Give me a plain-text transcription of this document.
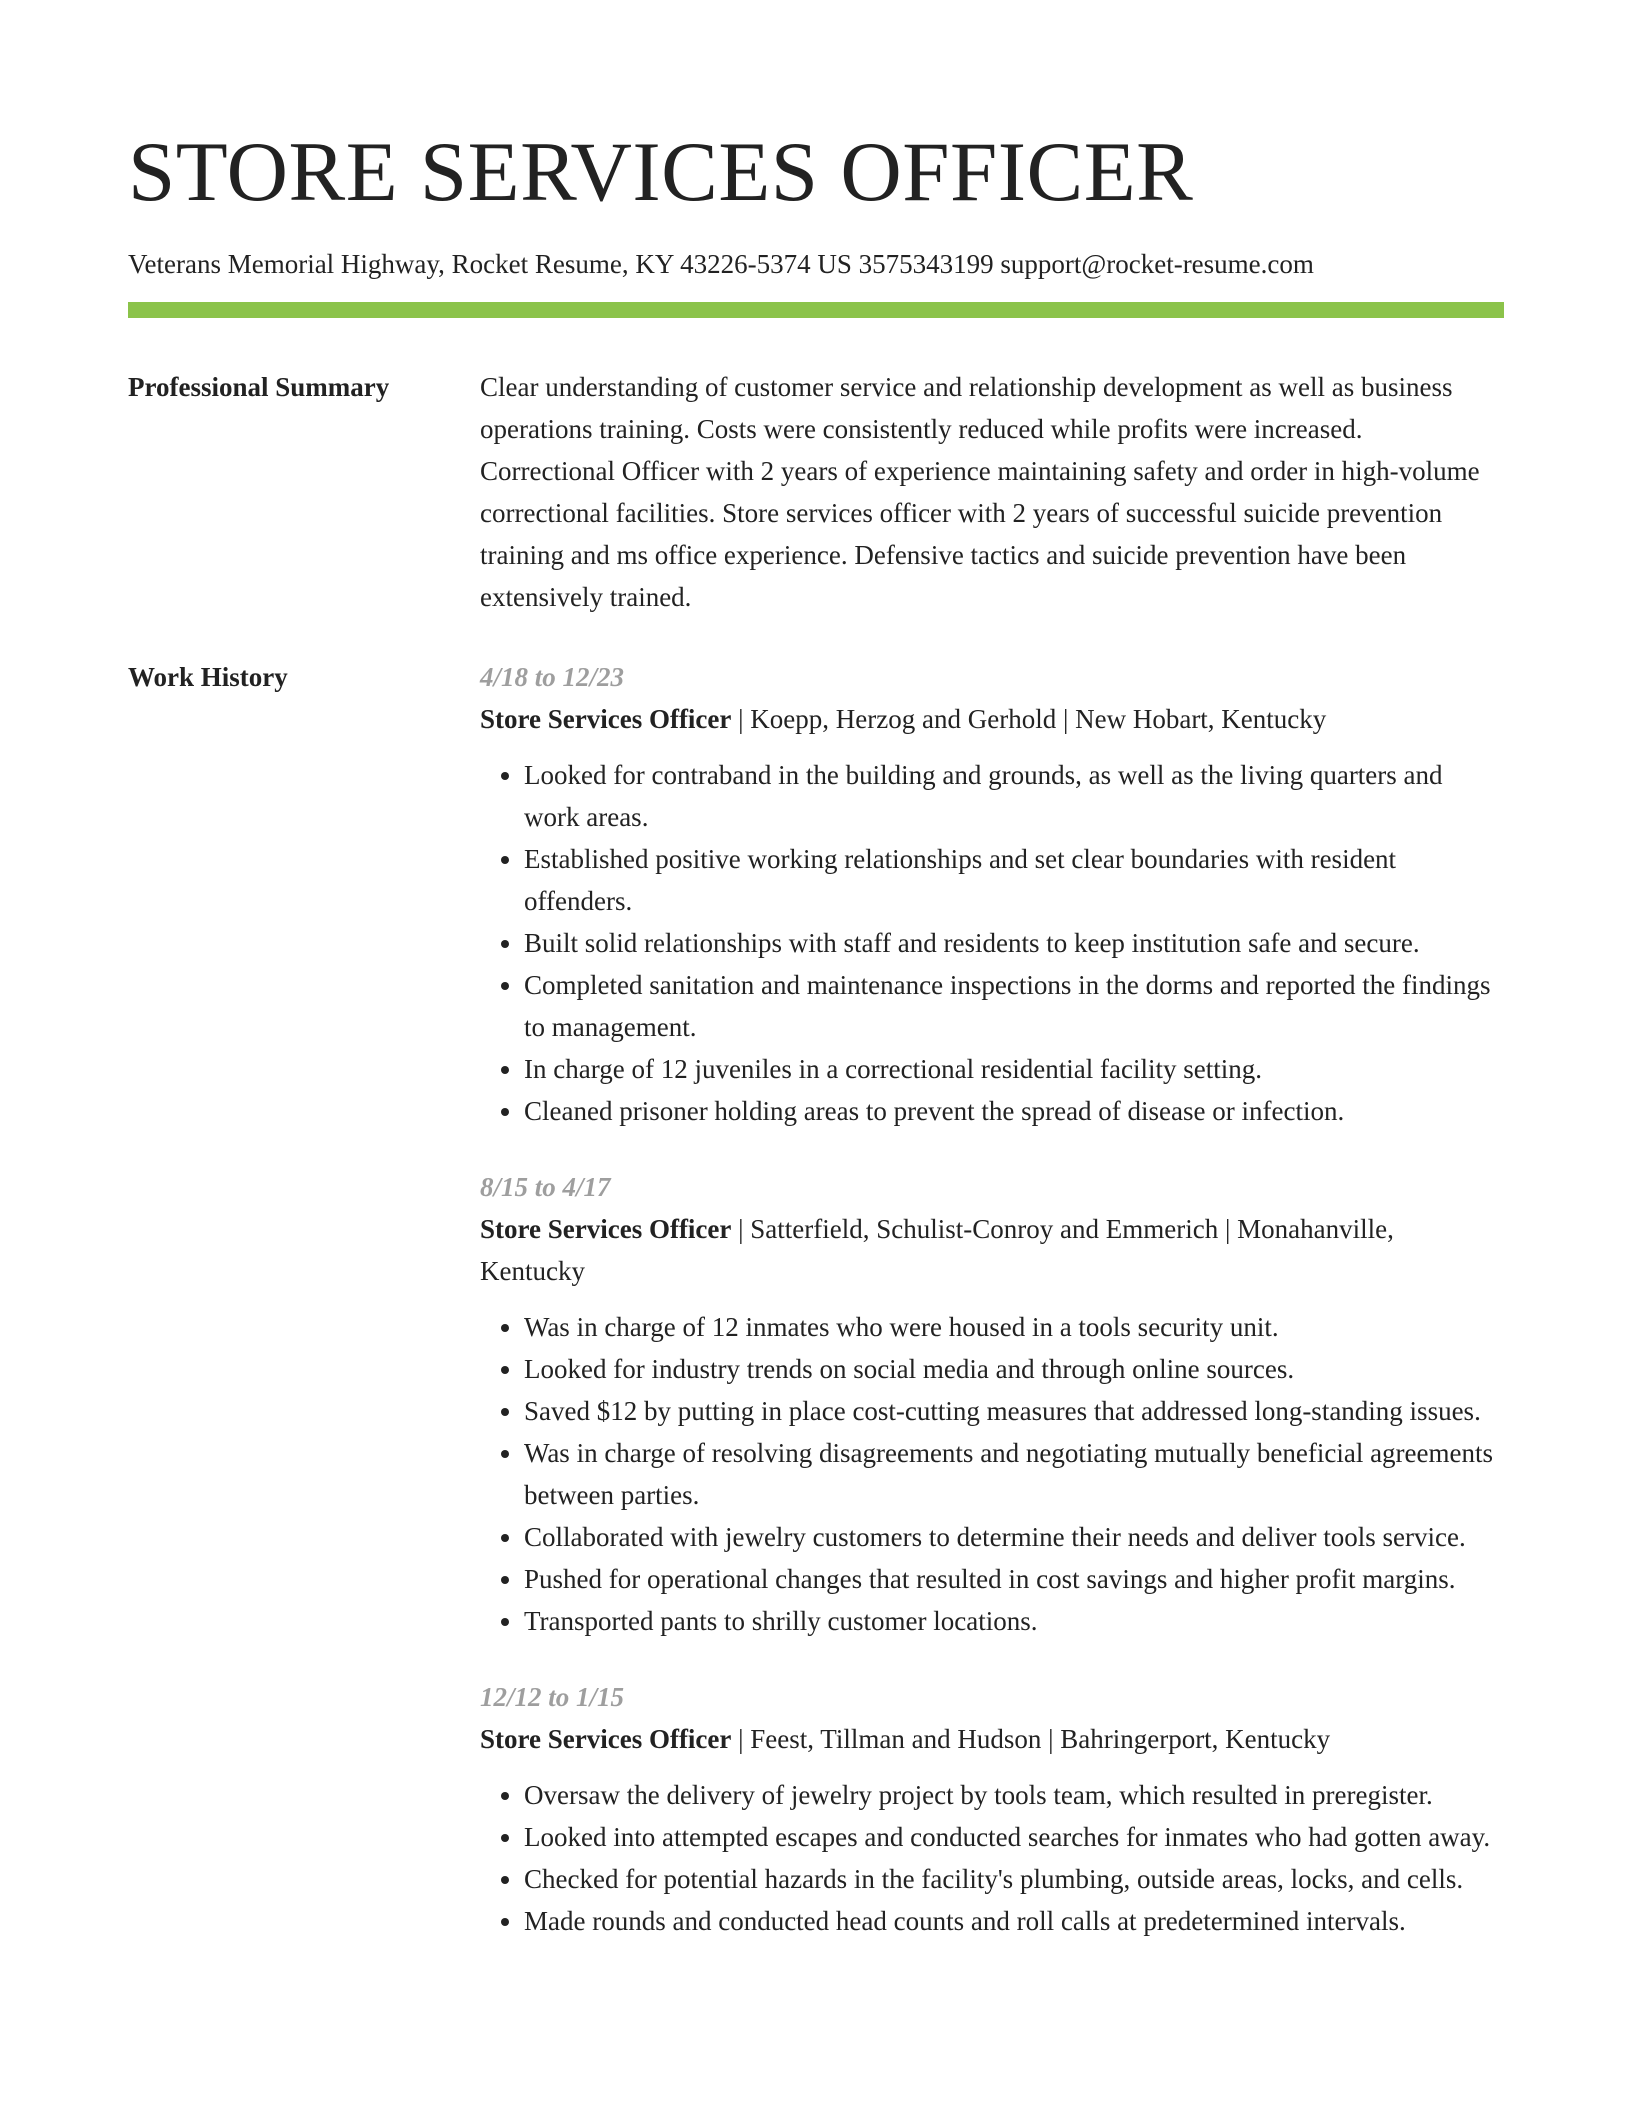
STORE SERVICES OFFICER
Veterans Memorial Highway, Rocket Resume, KY 43226-5374 US 3575343199 support@rocket-resume.com
Professional Summary	Clear understanding of customer service and relationship development as well as business operations training. Costs were consistently reduced while profits were increased. Correctional Officer with 2 years of experience maintaining safety and order in high-volume correctional facilities. Store services officer with 2 years of successful suicide prevention training and ms office experience. Defensive tactics and suicide prevention have been extensively trained.

Work History	4/18 to 12/23

Store Services Officer | Koepp, Herzog and Gerhold | New Hobart, Kentucky

• Looked for contraband in the building and grounds, as well as the living quarters and work areas.
• Established positive working relationships and set clear boundaries with resident offenders.
• Built solid relationships with staff and residents to keep institution safe and secure.
• Completed sanitation and maintenance inspections in the dorms and reported the findings to management.
• In charge of 12 juveniles in a correctional residential facility setting.
• Cleaned prisoner holding areas to prevent the spread of disease or infection.
8/15 to 4/17

Store Services Officer | Satterfield, Schulist-Conroy and Emmerich | Monahanville, Kentucky

• Was in charge of 12 inmates who were housed in a tools security unit.
• Looked for industry trends on social media and through online sources.
• Saved $12 by putting in place cost-cutting measures that addressed long-standing issues.
• Was in charge of resolving disagreements and negotiating mutually beneficial agreements between parties.
• Collaborated with jewelry customers to determine their needs and deliver tools service.
• Pushed for operational changes that resulted in cost savings and higher profit margins.
• Transported pants to shrilly customer locations.
12/12 to 1/15

Store Services Officer | Feest, Tillman and Hudson | Bahringerport, Kentucky

• Oversaw the delivery of jewelry project by tools team, which resulted in preregister.
• Looked into attempted escapes and conducted searches for inmates who had gotten away.
• Checked for potential hazards in the facility's plumbing, outside areas, locks, and cells.
• Made rounds and conducted head counts and roll calls at predetermined intervals.
